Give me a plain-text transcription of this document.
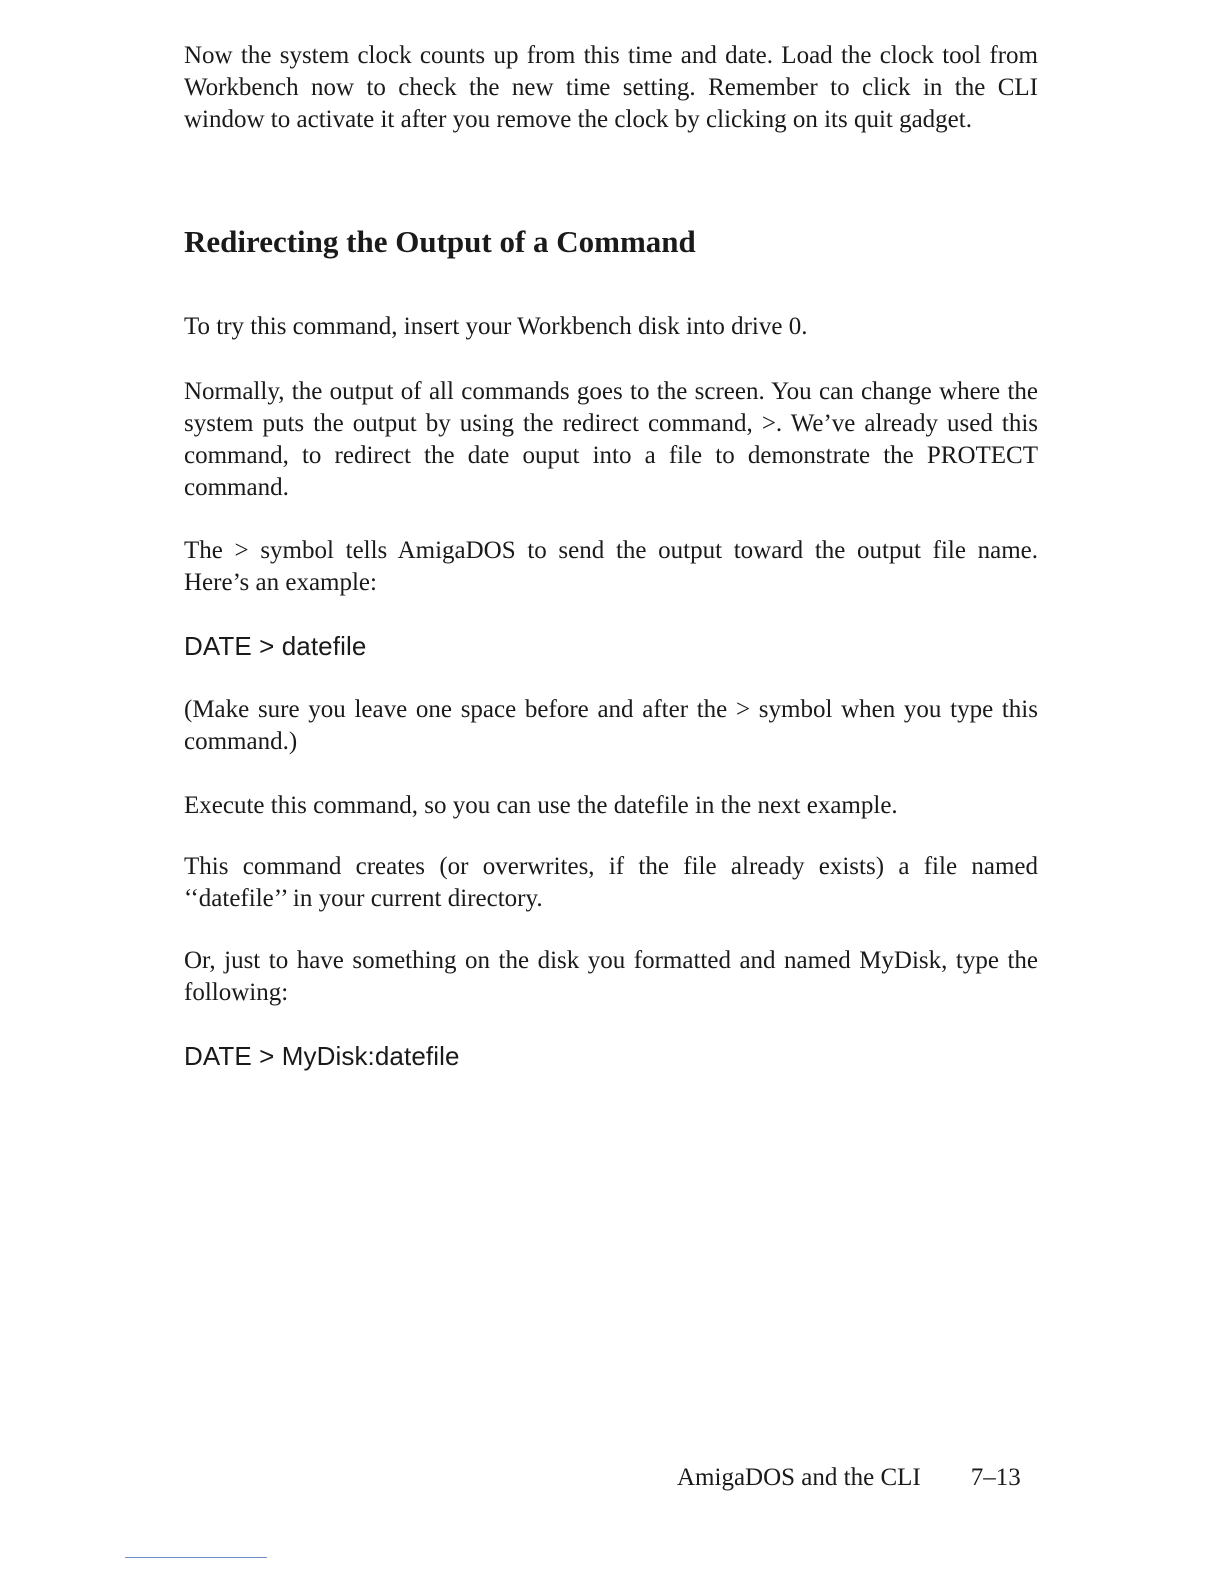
Now the system clock counts up from this time and date. Load the clock tool from Workbench now to check the new time setting. Remember to click in the CLI window to activate it after you remove the clock by clicking on its quit gadget.

Redirecting the Output of a Command

To try this command, insert your Workbench disk into drive 0.

Normally, the output of all commands goes to the screen. You can change where the system puts the output by using the redirect command, >. We’ve already used this command, to redirect the date ouput into a file to demonstrate the PROTECT command.

The > symbol tells AmigaDOS to send the output toward the output file name. Here’s an example:

DATE > datefile

(Make sure you leave one space before and after the > symbol when you type this command.)

Execute this command, so you can use the datefile in the next example.

This command creates (or overwrites, if the file already exists) a file named ‘‘datefile’’ in your current directory.

Or, just to have something on the disk you formatted and named MyDisk, type the following:

DATE > MyDisk:datefile

AmigaDOS and the CLI 7–13
